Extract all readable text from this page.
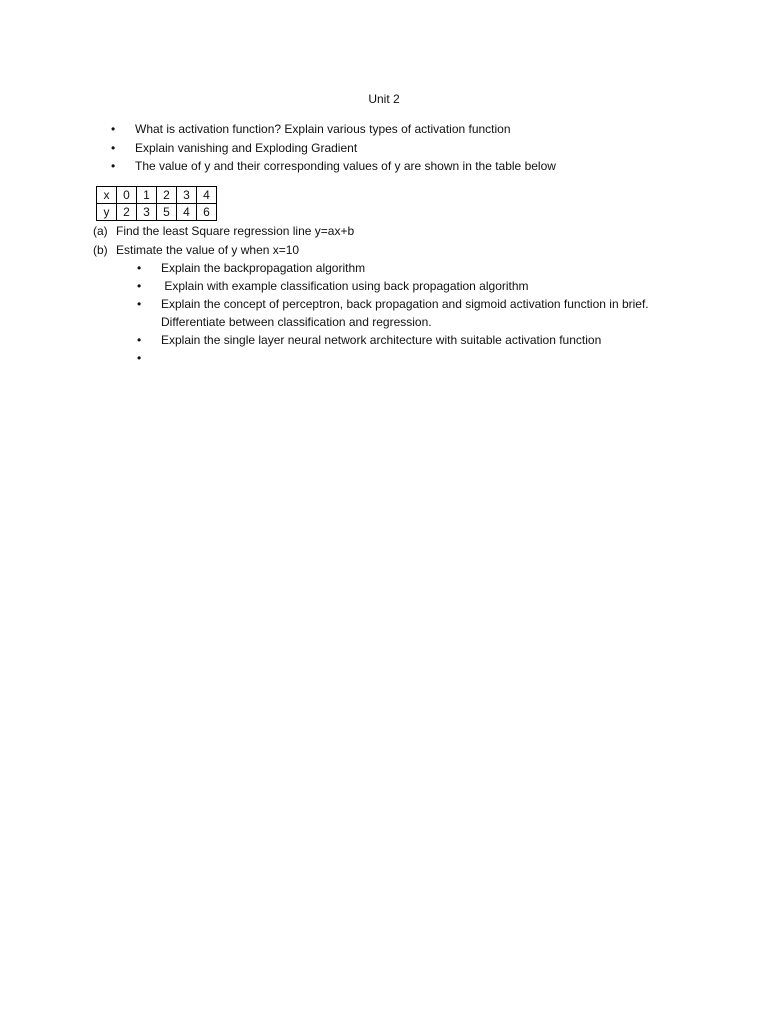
Unit 2
• What is activation function? Explain various types of activation function
• Explain vanishing and Exploding Gradient
• The value of y and their corresponding values of y are shown in the table below
x	0	1	2	3	4
y	2	3	5	4	6
(a) Find the least Square regression line y=ax+b
(b) Estimate the value of y when x=10
• Explain the backpropagation algorithm
• Explain with example classification using back propagation algorithm
• Explain the concept of perceptron, back propagation and sigmoid activation function in brief. Differentiate between classification and regression.
• Explain the single layer neural network architecture with suitable activation function
•
